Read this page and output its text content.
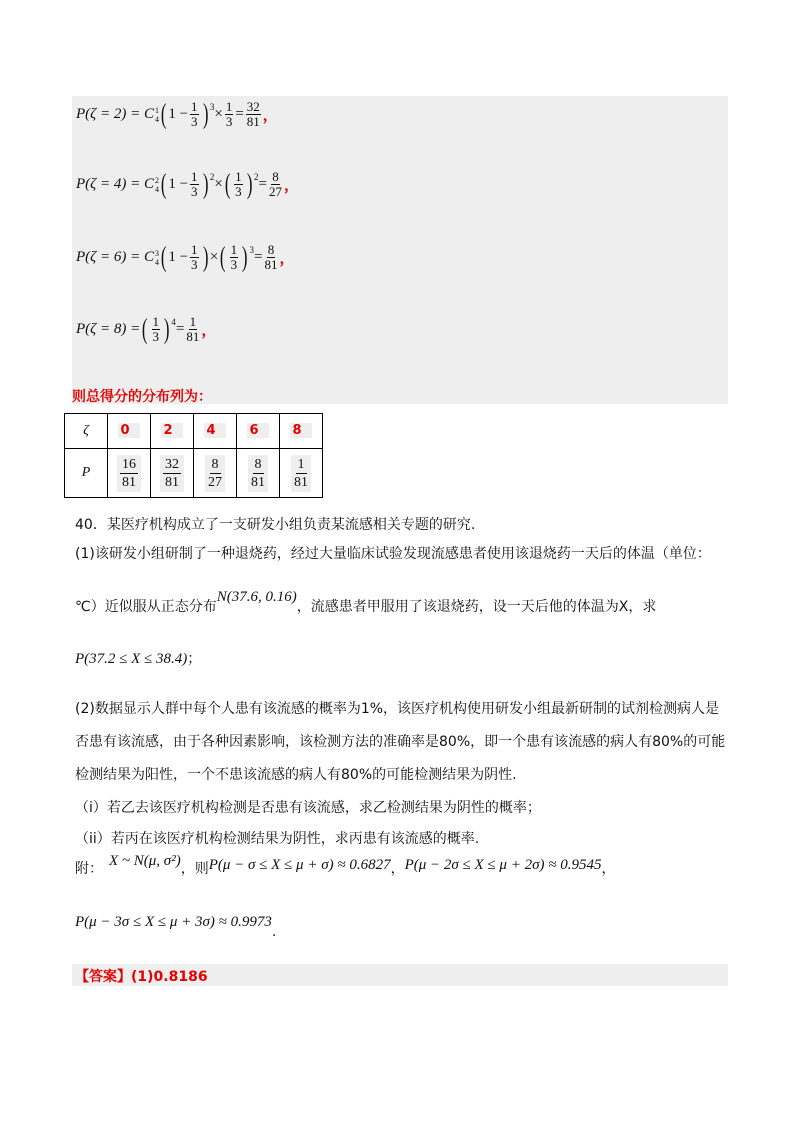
P(ζ = 2) = C 1
4 ( $1 - \frac{1}{3} )^3 \times \frac{1}{3} = \frac{32}{81}$ ，
P(ζ = 4) = C 2
4 ( $1 - \frac{1}{3} )^2$ × ( $\frac{1}{3} )^2 = \frac{8}{27}$ ，
P(ζ = 6) = C 3
4 ( $1 - \frac{1}{3}$ ) × ( $\frac{1}{3} )^3 = \frac{8}{81}$ ，
P(ζ = 8) = ( $\frac{1}{3} )^4 = \frac{1}{81}$ ，
则总得分的分布列为：
ζ	0	2	4	6	8
P	$\frac{16}{81}$	$\frac{32}{81}$	$\frac{8}{27}$	$\frac{8}{81}$	$\frac{1}{81}$
40．某医疗机构成立了一支研发小组负责某流感相关专题的研究.
(1)该研发小组研制了一种退烧药，经过大量临床试验发现流感患者使用该退烧药一天后的体温（单位：
℃）近似服从正态分布N(37.6, 0.16)，流感患者甲服用了该退烧药，设一天后他的体温为X，求
P(37.2 ≤ X ≤ 38.4)；
(2)数据显示人群中每个人患有该流感的概率为1%，该医疗机构使用研发小组最新研制的试剂检测病人是
否患有该流感，由于各种因素影响，该检测方法的准确率是80%，即一个患有该流感的病人有80%的可能
检测结果为阳性，一个不患该流感的病人有80%的可能检测结果为阴性.
（i）若乙去该医疗机构检测是否患有该流感，求乙检测结果为阴性的概率；
（ii）若丙在该医疗机构检测结果为阴性，求丙患有该流感的概率.
附： X ~ N(μ, σ²)，则P(μ − σ ≤ X ≤ μ + σ) ≈ 0.6827，P(μ − 2σ ≤ X ≤ μ + 2σ) ≈ 0.9545，
P(μ − 3σ ≤ X ≤ μ + 3σ) ≈ 0.9973.
【答案】(1)0.8186
